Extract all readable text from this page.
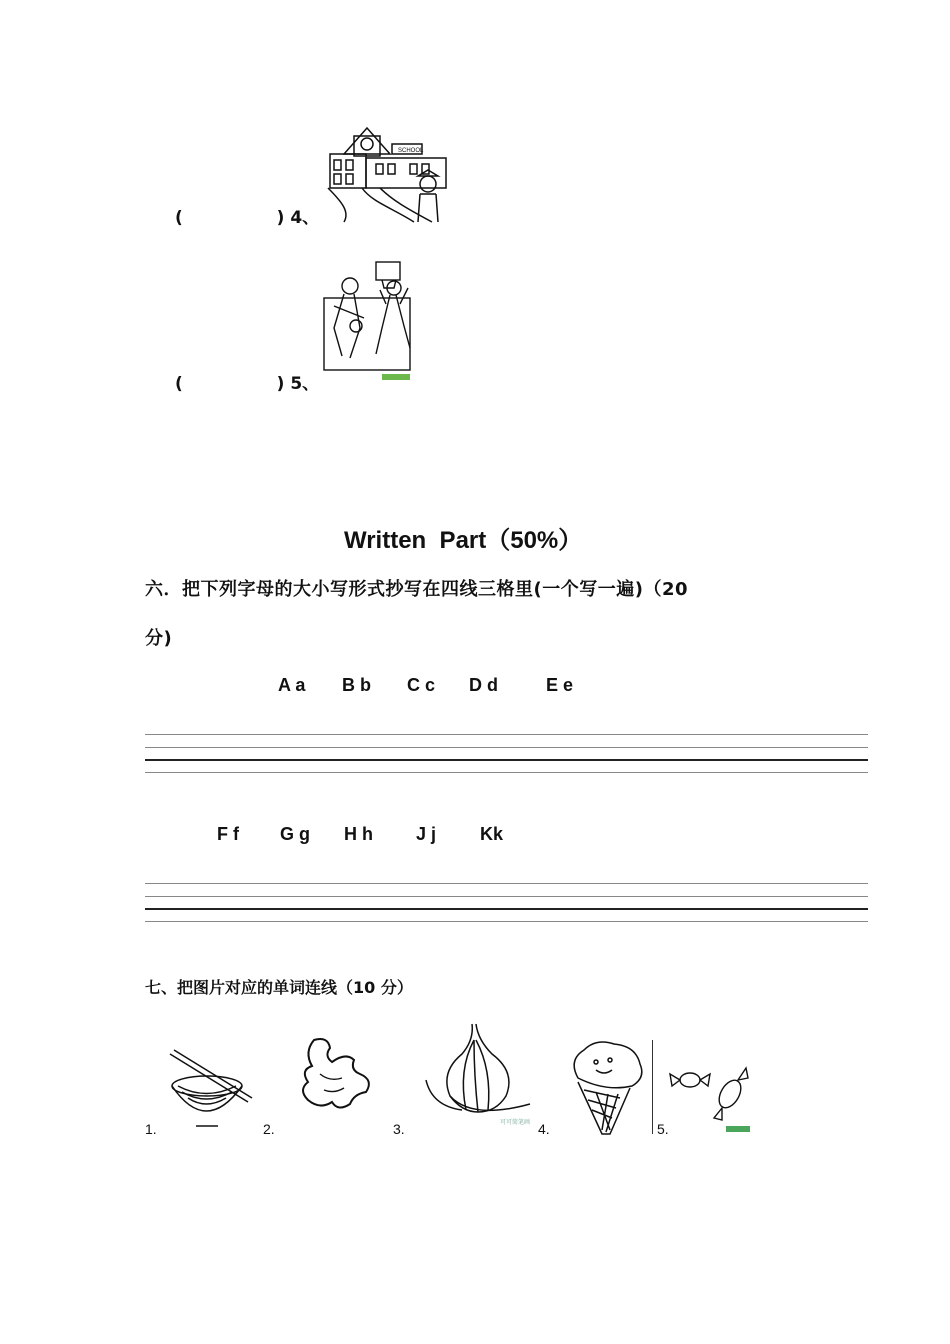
(	) 4、
SCHOOL
(	) 5、
Written  Part（50%）
六．把下列字母的大小写形式抄写在四线三格里(一个写一遍)（20
分)
A a B b C c D d	E e
F f G g H h J j Kk
七、把图片对应的单词连线（10 分）
1.	2.	3.	可可简笔画 4.	5.
